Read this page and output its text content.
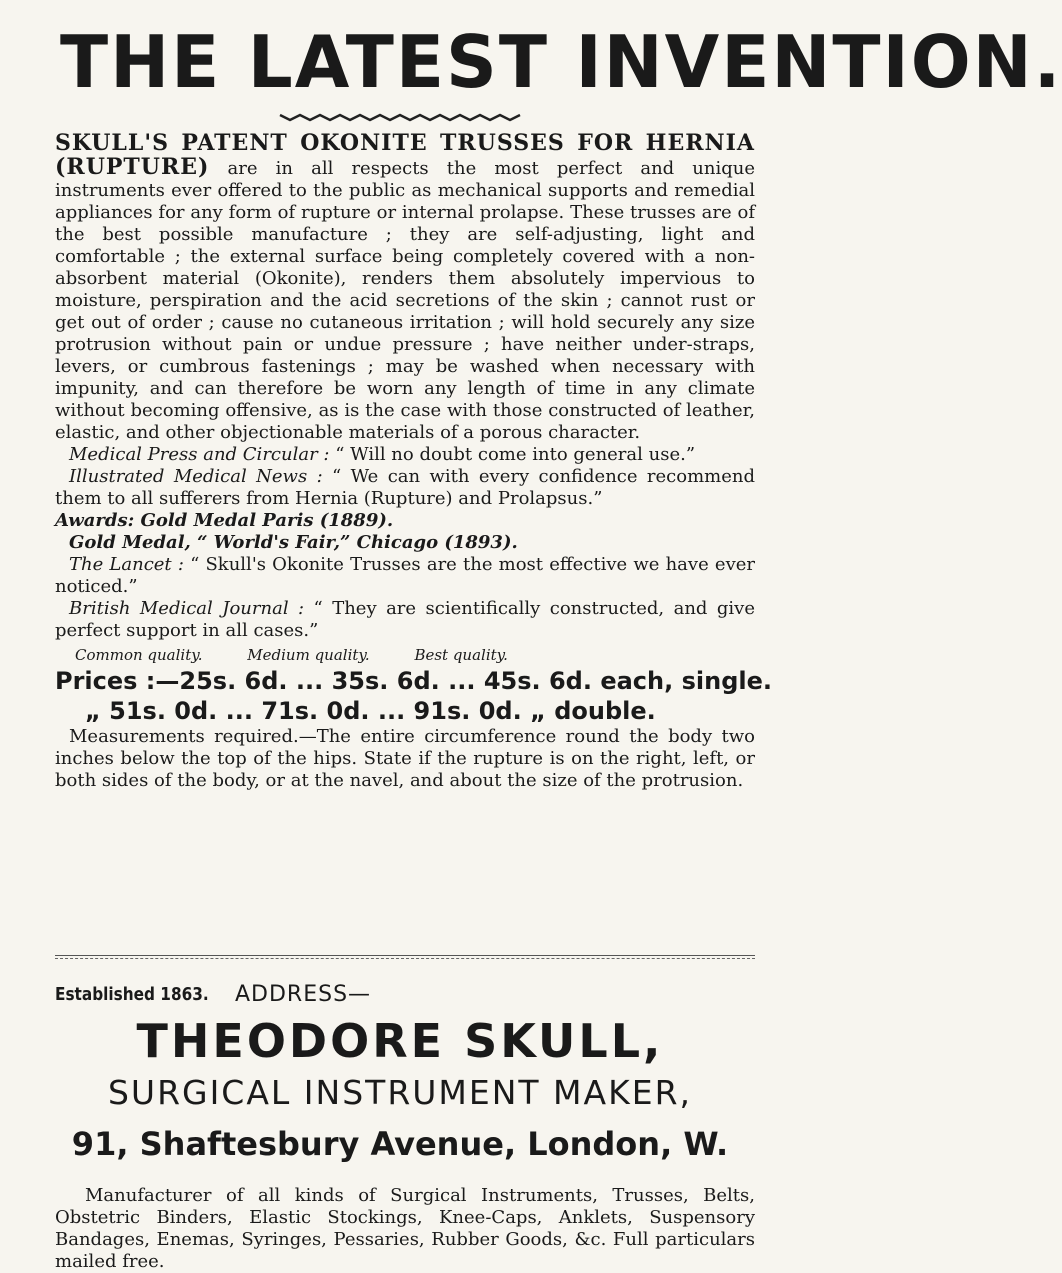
THE LATEST INVENTION.

SKULL'S PATENT OKONITE TRUSSES FOR HERNIA (RUPTURE) are in all respects the most perfect and unique instruments ever offered to the public as mechanical supports and remedial appliances for any form of rupture or internal prolapse. These trusses are of the best possible manufacture ; they are self-adjusting, light and comfortable ; the external surface being completely covered with a non-absorbent material (Okonite), renders them absolutely impervious to moisture, perspiration and the acid secretions of the skin ; cannot rust or get out of order ; cause no cutaneous irritation ; will hold securely any size protrusion without pain or undue pressure ; have neither under-straps, levers, or cumbrous fastenings ; may be washed when necessary with impunity, and can therefore be worn any length of time in any climate without becoming offensive, as is the case with those constructed of leather, elastic, and other objectionable materials of a porous character.

Medical Press and Circular : “ Will no doubt come into general use.”

Illustrated Medical News : “ We can with every confidence recommend them to all sufferers from Hernia (Rupture) and Prolapsus.”

Awards: Gold Medal Paris (1889).

Gold Medal, “ World's Fair,” Chicago (1893).

The Lancet : “ Skull's Okonite Trusses are the most effective we have ever noticed.”

British Medical Journal : “ They are scientifically constructed, and give perfect support in all cases.”

Common quality.	Medium quality.	Best quality.
Prices :—25s. 6d. ... 35s. 6d. ... 45s. 6d. each, single.
„ 51s. 0d. ... 71s. 0d. ... 91s. 0d. „ double.

Measurements required.—The entire circumference round the body two inches below the top of the hips. State if the rupture is on the right, left, or both sides of the body, or at the navel, and about the size of the protrusion.

Established 1863. ADDRESS—
THEODORE SKULL,
SURGICAL INSTRUMENT MAKER,
91, Shaftesbury Avenue, London, W.

Manufacturer of all kinds of Surgical Instruments, Trusses, Belts, Obstetric Binders, Elastic Stockings, Knee-Caps, Anklets, Suspensory Bandages, Enemas, Syringes, Pessaries, Rubber Goods, &c. Full particulars mailed free.
